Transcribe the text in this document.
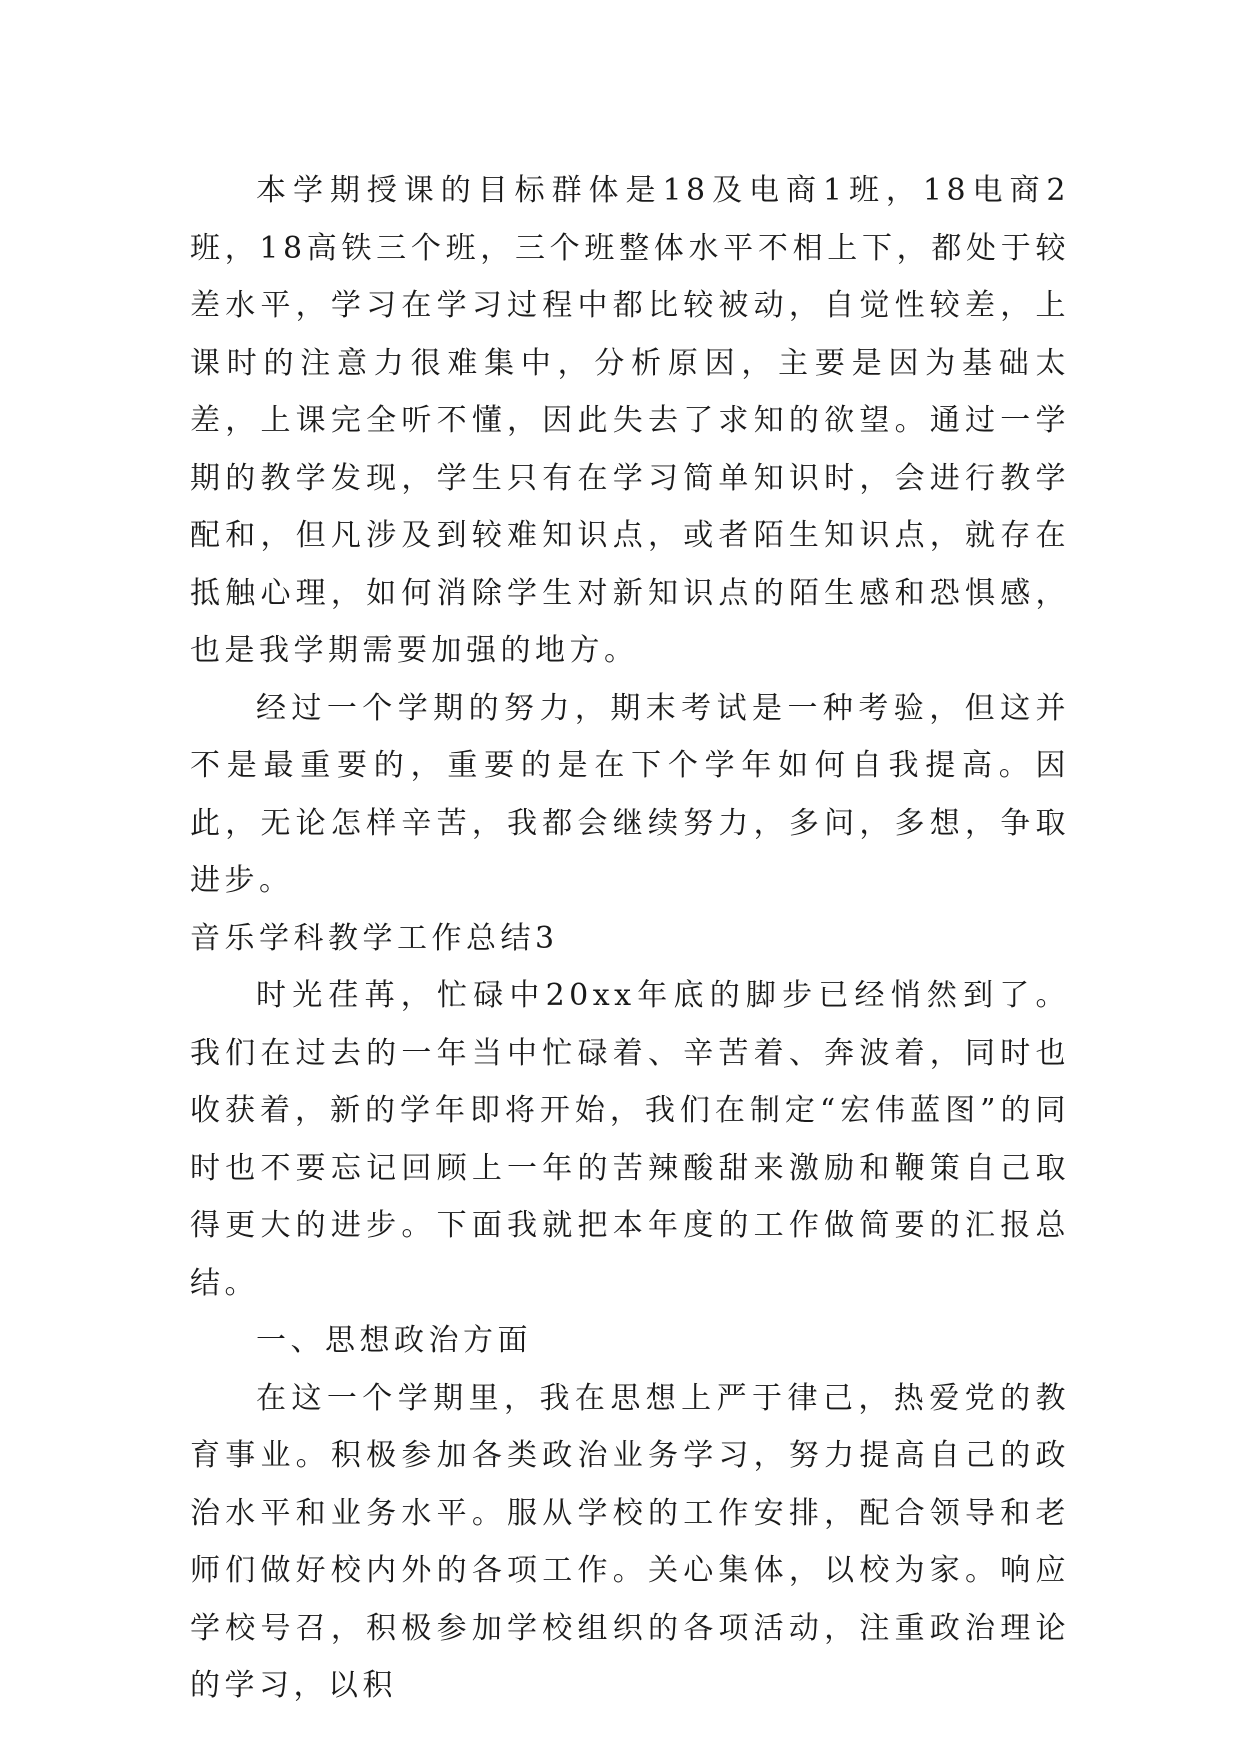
本学期授课的目标群体是18及电商1班，18电商2班，18高铁三个班，三个班整体水平不相上下，都处于较差水平，学习在学习过程中都比较被动，自觉性较差，上课时的注意力很难集中，分析原因，主要是因为基础太差，上课完全听不懂，因此失去了求知的欲望。通过一学期的教学发现，学生只有在学习简单知识时，会进行教学配和，但凡涉及到较难知识点，或者陌生知识点，就存在抵触心理，如何消除学生对新知识点的陌生感和恐惧感，也是我学期需要加强的地方。

经过一个学期的努力，期末考试是一种考验，但这并不是最重要的，重要的是在下个学年如何自我提高。因此，无论怎样辛苦，我都会继续努力，多问，多想，争取进步。

音乐学科教学工作总结3

时光荏苒，忙碌中20xx年底的脚步已经悄然到了。我们在过去的一年当中忙碌着、辛苦着、奔波着，同时也收获着，新的学年即将开始，我们在制定“宏伟蓝图”的同时也不要忘记回顾上一年的苦辣酸甜来激励和鞭策自己取得更大的进步。下面我就把本年度的工作做简要的汇报总结。

一、思想政治方面

在这一个学期里，我在思想上严于律己，热爱党的教育事业。积极参加各类政治业务学习，努力提高自己的政治水平和业务水平。服从学校的工作安排，配合领导和老师们做好校内外的各项工作。关心集体，以校为家。响应学校号召，积极参加学校组织的各项活动，注重政治理论的学习，以积
